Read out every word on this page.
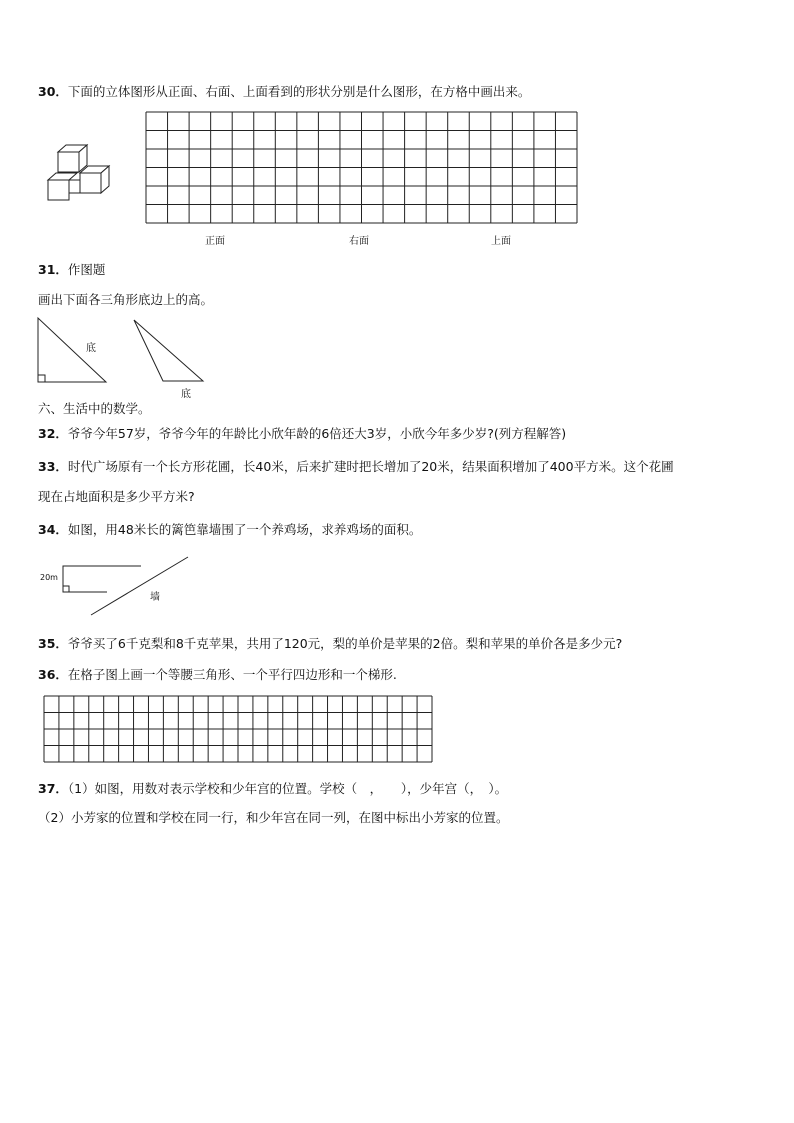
30．下面的立体图形从正面、右面、上面看到的形状分别是什么图形，在方格中画出来。
正面	右面	上面
31．作图题
画出下面各三角形底边上的高。
底
底
六、生活中的数学。
32．爷爷今年57岁，爷爷今年的年龄比小欣年龄的6倍还大3岁，小欣今年多少岁?(列方程解答)
33．时代广场原有一个长方形花圃，长40米，后来扩建时把长增加了20米，结果面积增加了400平方米。这个花圃
现在占地面积是多少平方米?
34．如图，用48米长的篱笆靠墙围了一个养鸡场，求养鸡场的面积。
20m
墙
35．爷爷买了6千克梨和8千克苹果，共用了120元，梨的单价是苹果的2倍。梨和苹果的单价各是多少元?
36．在格子图上画一个等腰三角形、一个平行四边形和一个梯形.
37．（1）如图，用数对表示学校和少年宫的位置。学校（　，　　），少年宫（，　）。
（2）小芳家的位置和学校在同一行，和少年宫在同一列，在图中标出小芳家的位置。
